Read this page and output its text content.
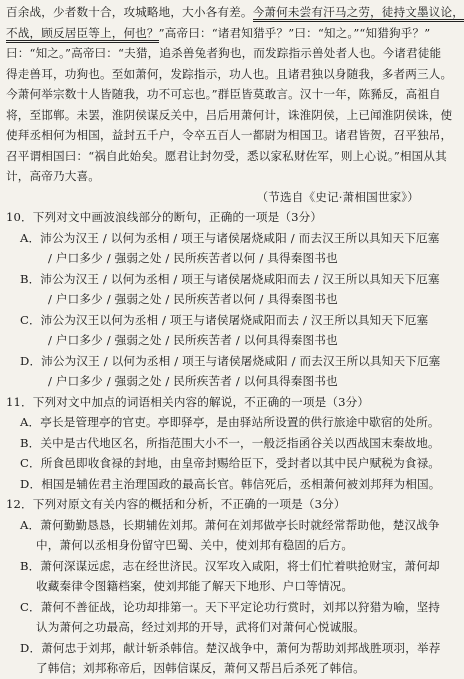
百余战，少者数十合，攻城略地，大小各有差。今萧何未尝有汗马之劳，徒持文墨议论，
不战，顾反居臣等上，何也？”高帝曰：“诸君知猎乎？”曰：“知之。”“知猎狗乎？”
曰：“知之。”高帝曰：“夫猎，追杀兽兔者狗也，而发踪指示兽处者人也。今诸君徒能
得走兽耳，功狗也。至如萧何，发踪指示，功人也。且诸君独以身随我，多者两三人。
今萧何举宗数十人皆随我，功不可忘也。”群臣皆莫敢言。汉十一年，陈豨反，高祖自
将，至邯郸。未罢，淮阴侯谋反关中，吕后用萧何计，诛淮阴侯，上已闻淮阴侯诛，使
使拜丞相何为相国，益封五千户，令卒五百人一都尉为相国卫。诸君皆贺，召平独吊，
召平谓相国曰：“祸自此始矣。愿君让封勿受，悉以家私财佐军，则上心说。”相国从其
计，高帝乃大喜。
（节选自《史记·萧相国世家》）
10．下列对文中画波浪线部分的断句，正确的一项是（3分）
A．沛公为汉王 / 以何为丞相 / 项王与诸侯屠烧咸阳 / 而去汉王所以具知天下厄塞
/ 户口多少 / 强弱之处 / 民所疾苦者以何 / 具得秦图书也
B．沛公为汉王 / 以何为丞相 / 项王与诸侯屠烧咸阳而去 / 汉王所以具知天下厄塞
/ 户口多少 / 强弱之处 / 民所疾苦者以何 / 具得秦图书也
C．沛公为汉王以何为丞相 / 项王与诸侯屠烧咸阳而去 / 汉王所以具知天下厄塞
/ 户口多少 / 强弱之处 / 民所疾苦者 / 以何具得秦图书也
D．沛公为汉王 / 以何为丞相 / 项王与诸侯屠烧咸阳 / 而去汉王所以具知天下厄塞
/ 户口多少 / 强弱之处 / 民所疾苦者 / 以何具得秦图书也
11．下列对文中加点的词语相关内容的解说，不正确的一项是（3分）
A．亭长是管理亭的官吏。亭即驿亭，是由驿站所设置的供行旅途中歇宿的处所。
B．关中是古代地区名，所指范围大小不一，一般泛指函谷关以西战国末秦故地。
C．所食邑即收食禄的封地，由皇帝封赐给臣下，受封者以其中民户赋税为食禄。
D．相国是辅佐君主治理国政的最高长官。韩信死后，丞相萧何被刘邦拜为相国。
12．下列对原文有关内容的概括和分析，不正确的一项是（3分）
A．萧何勤勤恳恳，长期辅佐刘邦。萧何在刘邦做亭长时就经常帮助他，楚汉战争
中，萧何以丞相身份留守巴蜀、关中，使刘邦有稳固的后方。
B．萧何深谋远虑，志在经世济民。汉军攻入咸阳，将士们忙着哄抢财宝，萧何却
收藏秦律令图籍档案，使刘邦能了解天下地形、户口等情况。
C．萧何不善征战，论功却排第一。天下平定论功行赏时，刘邦以狩猎为喻，坚持
认为萧何之功最高，经过刘邦的开导，武将们对萧何心悦诚服。
D．萧何忠于刘邦，献计斩杀韩信。楚汉战争中，萧何为帮助刘邦战胜项羽，举荐
了韩信；刘邦称帝后，因韩信谋反，萧何又帮吕后杀死了韩信。
